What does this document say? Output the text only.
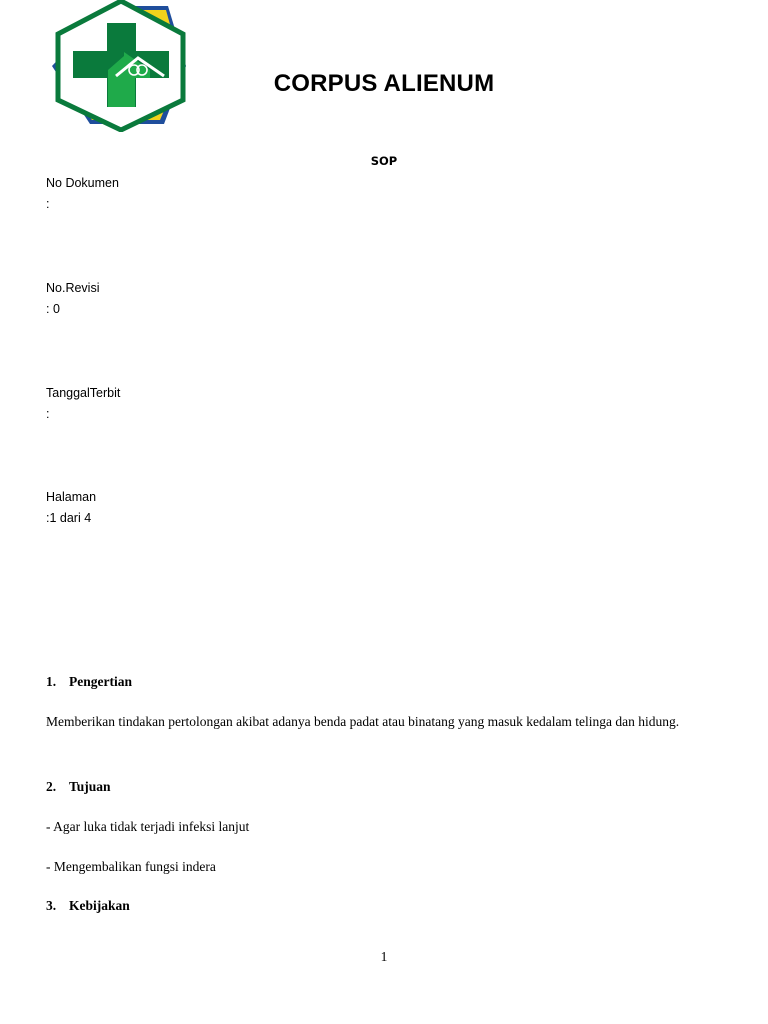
CORPUS ALIENUM
SOP
No Dokumen
:
No.Revisi
: 0
TanggalTerbit
:
Halaman
:1 dari 4
1. Pengertian
Memberikan tindakan pertolongan akibat adanya benda padat atau binatang yang masuk kedalam telinga dan hidung.
2. Tujuan
- Agar luka tidak terjadi infeksi lanjut
- Mengembalikan fungsi indera
3. Kebijakan
1
